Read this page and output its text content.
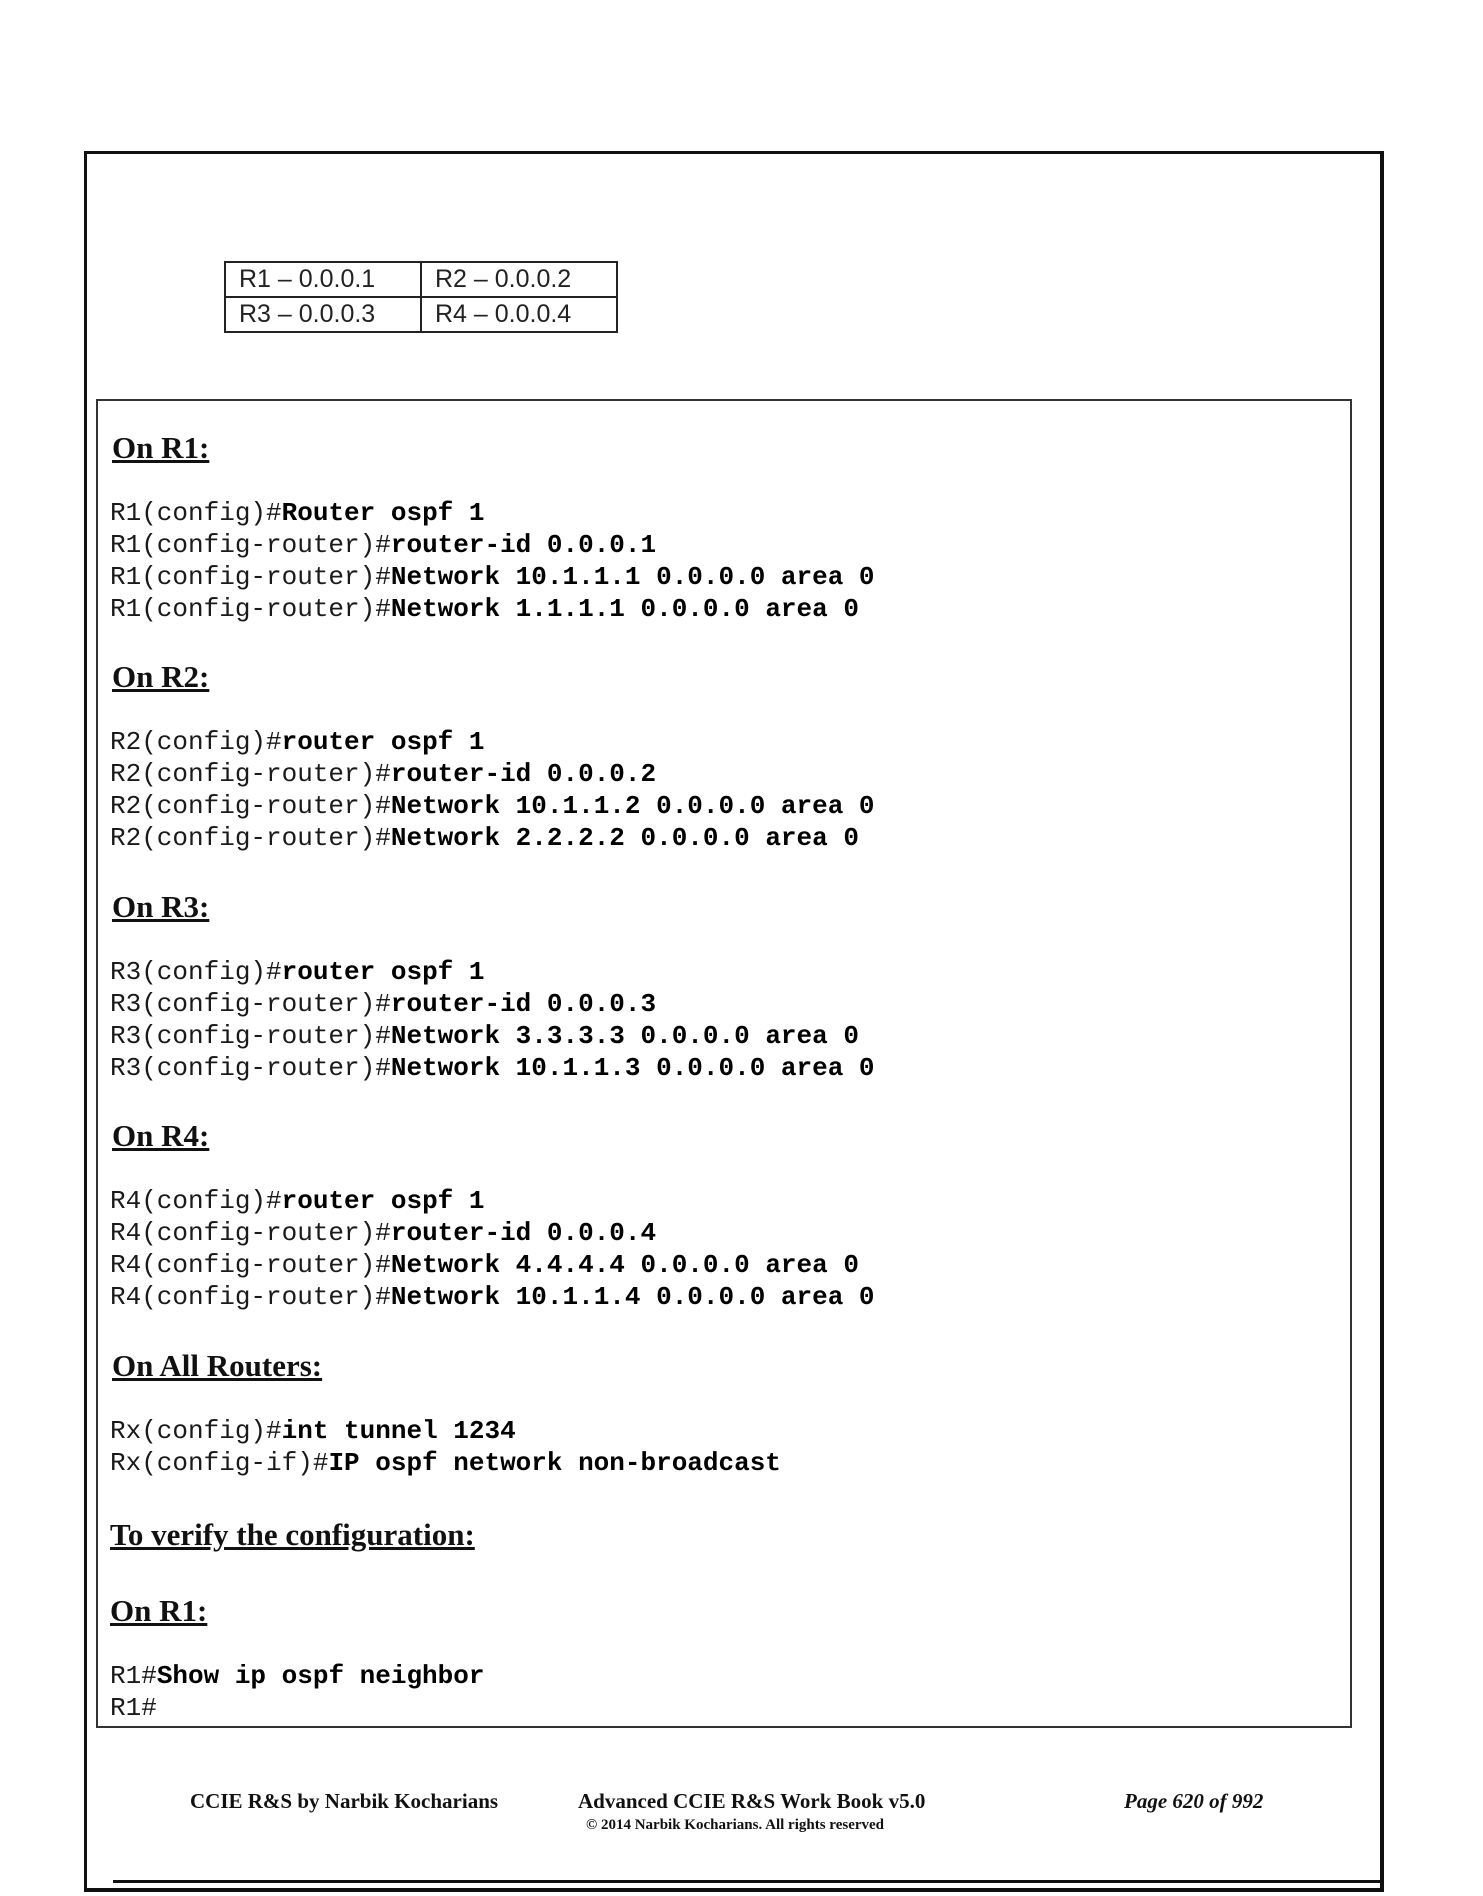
R1 – 0.0.0.1	R2 – 0.0.0.2
R3 – 0.0.0.3	R4 – 0.0.0.4
On R1:
R1(config)#Router ospf 1
R1(config-router)#router-id 0.0.0.1
R1(config-router)#Network 10.1.1.1 0.0.0.0 area 0
R1(config-router)#Network 1.1.1.1 0.0.0.0 area 0
On R2:
R2(config)#router ospf 1
R2(config-router)#router-id 0.0.0.2
R2(config-router)#Network 10.1.1.2 0.0.0.0 area 0
R2(config-router)#Network 2.2.2.2 0.0.0.0 area 0
On R3:
R3(config)#router ospf 1
R3(config-router)#router-id 0.0.0.3
R3(config-router)#Network 3.3.3.3 0.0.0.0 area 0
R3(config-router)#Network 10.1.1.3 0.0.0.0 area 0
On R4:
R4(config)#router ospf 1
R4(config-router)#router-id 0.0.0.4
R4(config-router)#Network 4.4.4.4 0.0.0.0 area 0
R4(config-router)#Network 10.1.1.4 0.0.0.0 area 0
On All Routers:
Rx(config)#int tunnel 1234
Rx(config-if)#IP ospf network non-broadcast
To verify the configuration:
On R1:
R1#Show ip ospf neighbor
R1#
CCIE R&S by Narbik Kocharians	Advanced CCIE R&S Work Book v5.0
© 2014 Narbik Kocharians. All rights reserved
Page 620 of 992
